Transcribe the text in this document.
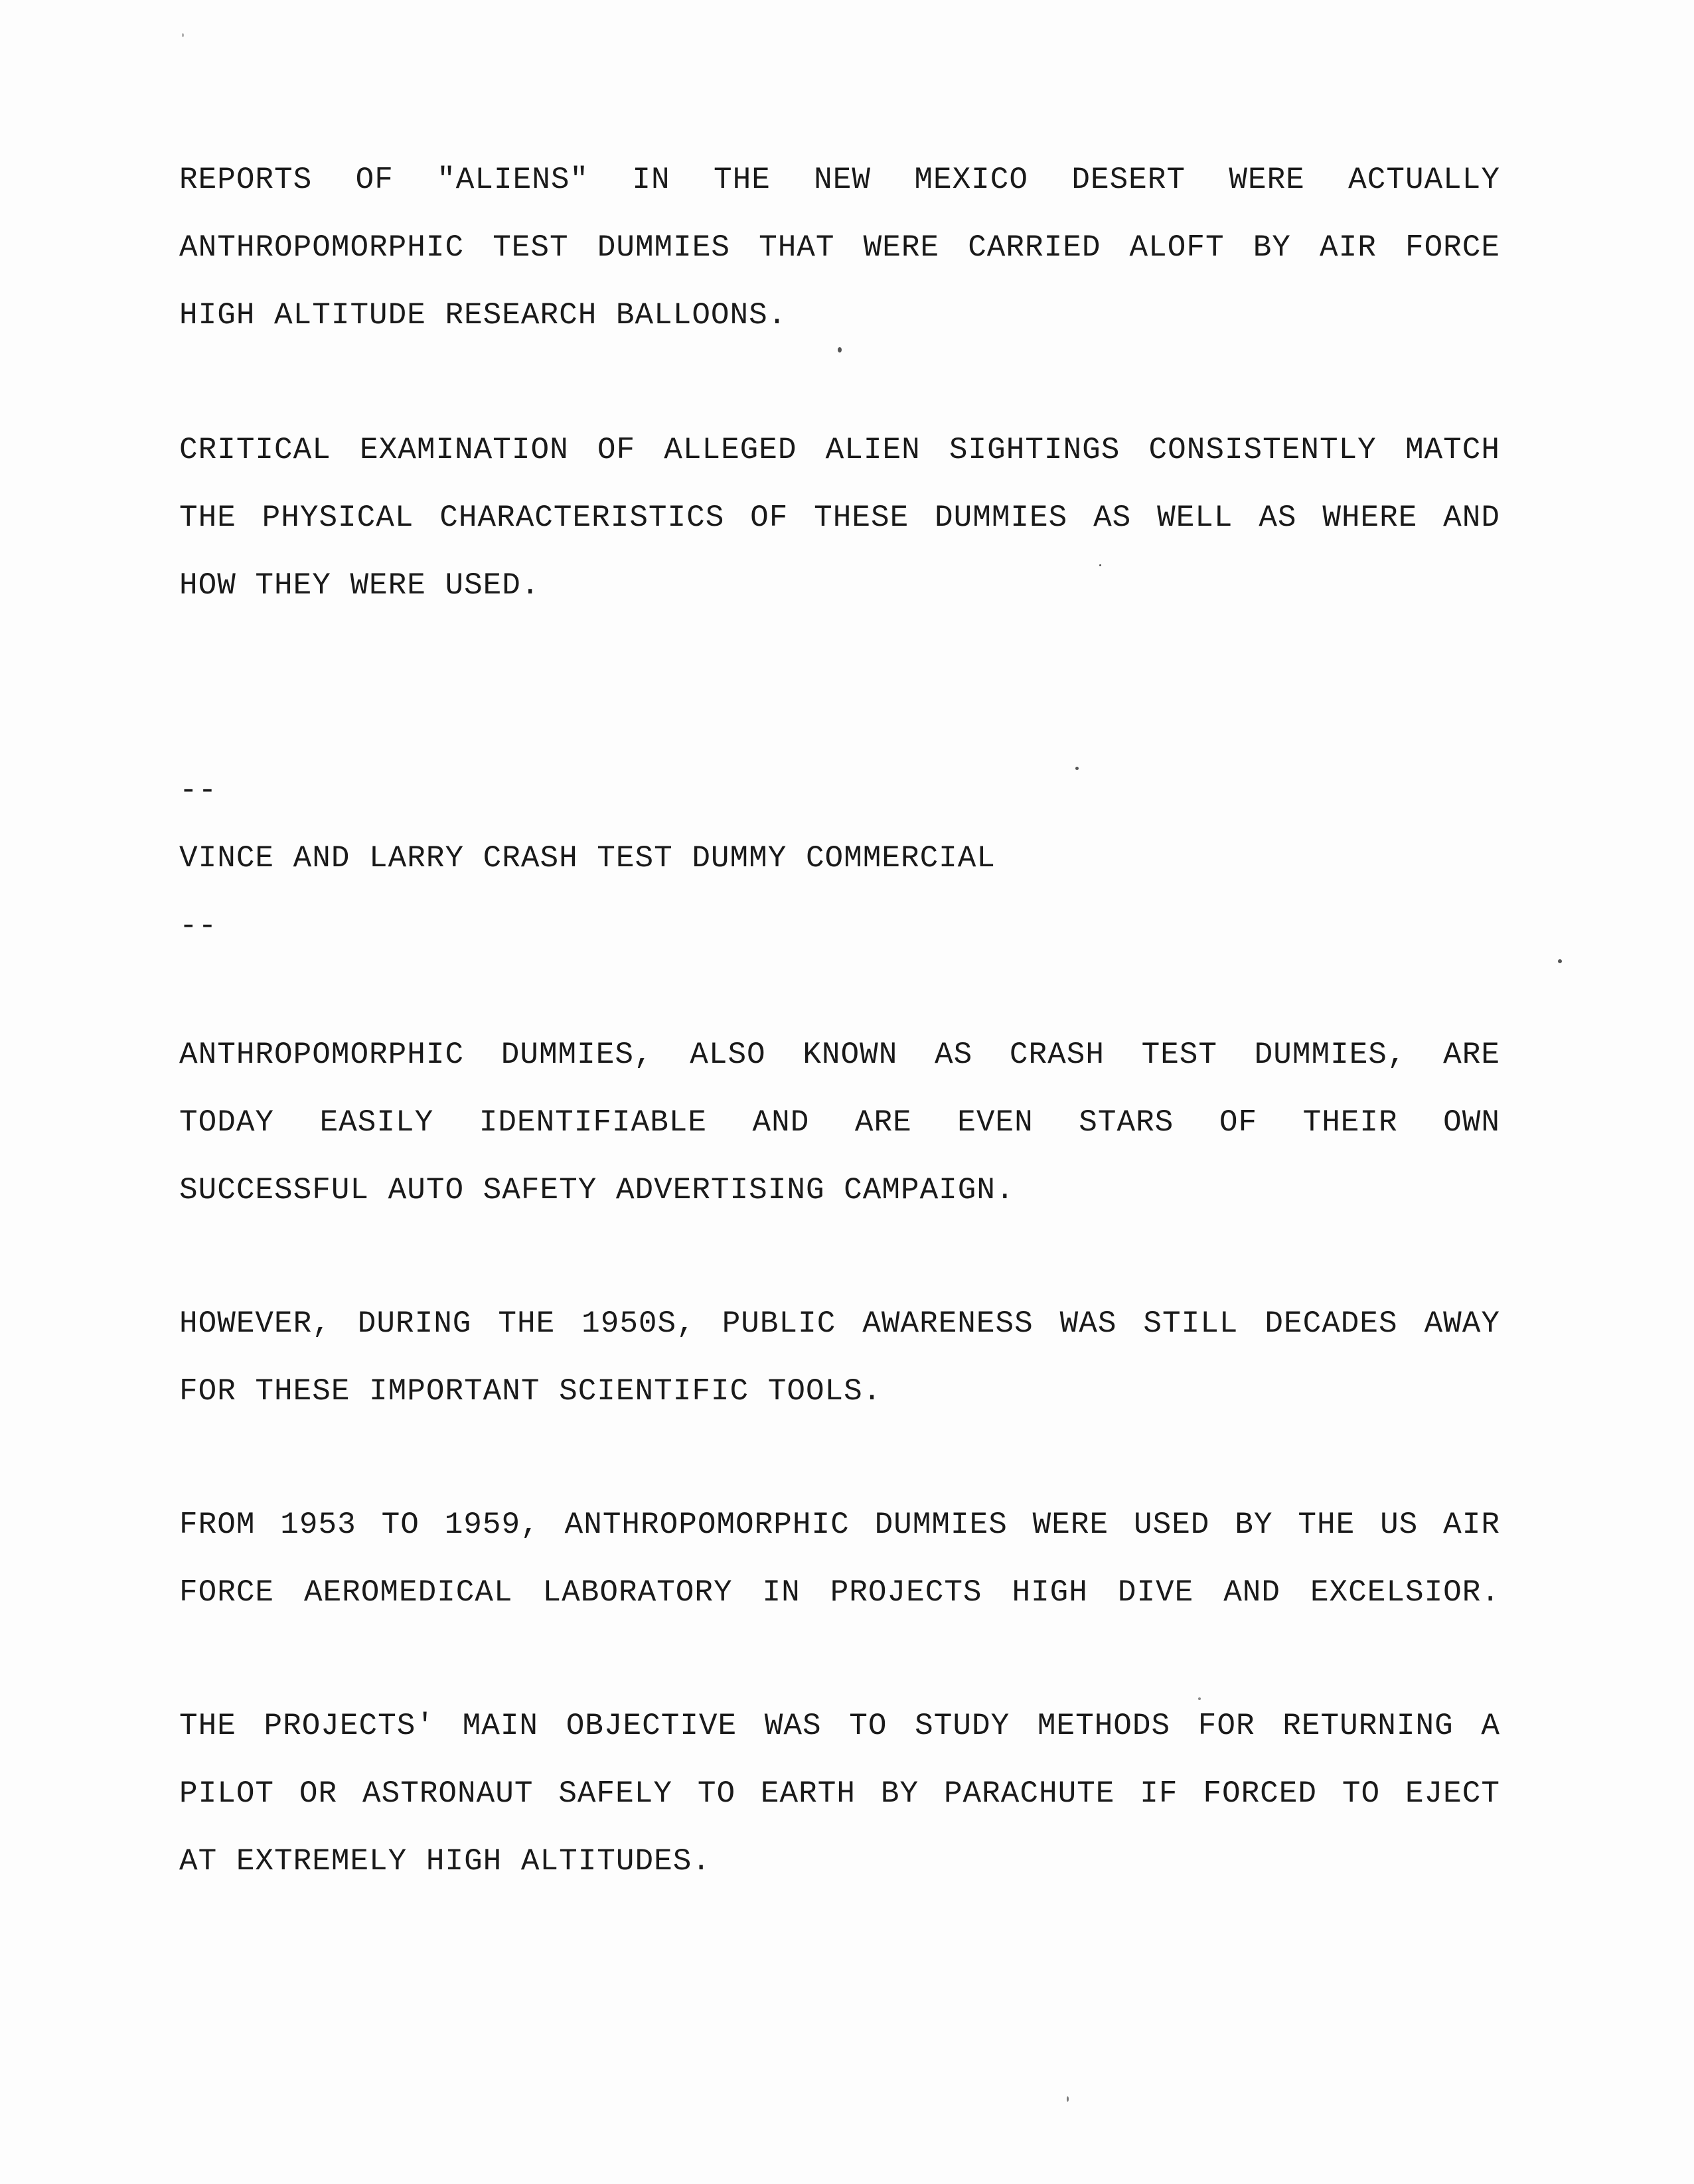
REPORTS OF "ALIENS" IN THE NEW MEXICO DESERT WERE ACTUALLY
ANTHROPOMORPHIC TEST DUMMIES THAT WERE CARRIED ALOFT BY AIR FORCE
HIGH ALTITUDE RESEARCH BALLOONS.
CRITICAL EXAMINATION OF ALLEGED ALIEN SIGHTINGS CONSISTENTLY MATCH
THE PHYSICAL CHARACTERISTICS OF THESE DUMMIES AS WELL AS WHERE AND
HOW THEY WERE USED.
--
VINCE AND LARRY CRASH TEST DUMMY COMMERCIAL
--
ANTHROPOMORPHIC DUMMIES, ALSO KNOWN AS CRASH TEST DUMMIES, ARE
TODAY EASILY IDENTIFIABLE AND ARE EVEN STARS OF THEIR OWN
SUCCESSFUL AUTO SAFETY ADVERTISING CAMPAIGN.
HOWEVER, DURING THE 1950S, PUBLIC AWARENESS WAS STILL DECADES AWAY
FOR THESE IMPORTANT SCIENTIFIC TOOLS.
FROM 1953 TO 1959, ANTHROPOMORPHIC DUMMIES WERE USED BY THE US AIR
FORCE AEROMEDICAL LABORATORY IN PROJECTS HIGH DIVE AND EXCELSIOR.
THE PROJECTS' MAIN OBJECTIVE WAS TO STUDY METHODS FOR RETURNING A
PILOT OR ASTRONAUT SAFELY TO EARTH BY PARACHUTE IF FORCED TO EJECT
AT EXTREMELY HIGH ALTITUDES.
